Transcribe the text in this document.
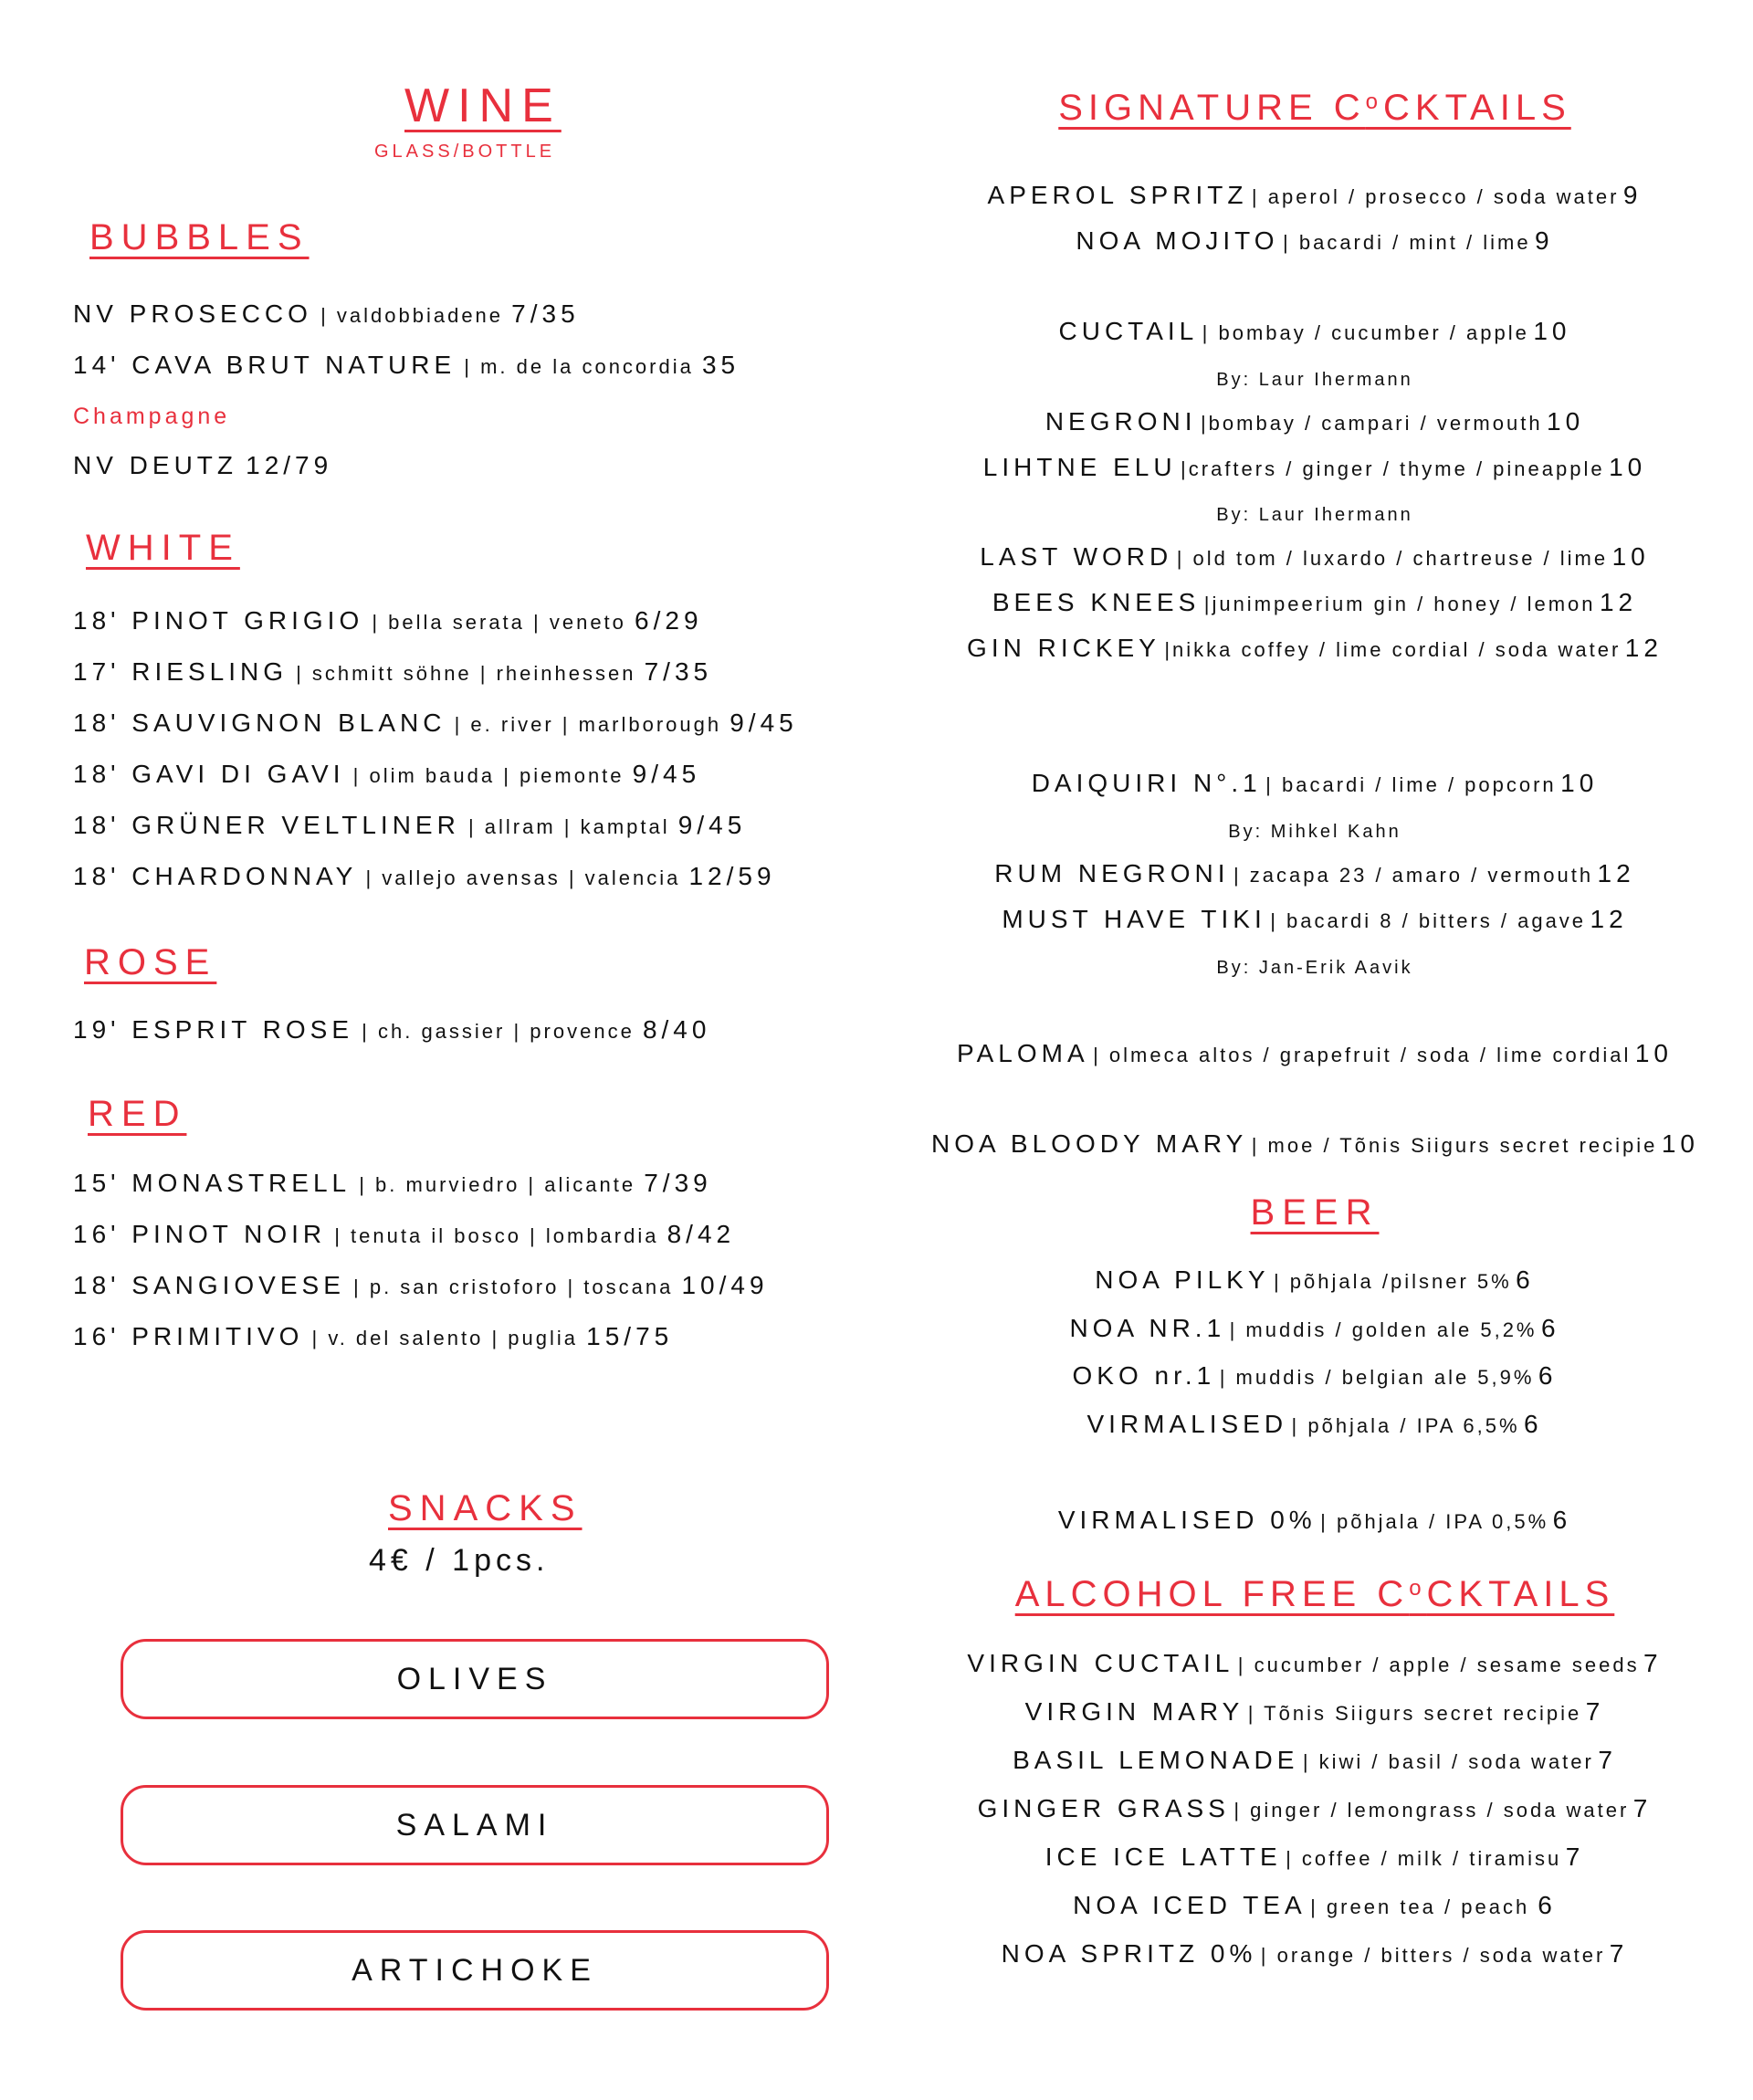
WINE
GLASS/BOTTLE
BUBBLES
NV PROSECCO | valdobbiadene 7/35
14' CAVA BRUT NATURE | m. de la concordia 35
Champagne
NV DEUTZ 12/79
WHITE
18' PINOT GRIGIO | bella serata | veneto 6/29
17' RIESLING | schmitt söhne | rheinhessen 7/35
18' SAUVIGNON BLANC | e. river | marlborough 9/45
18' GAVI DI GAVI | olim bauda | piemonte 9/45
18' GRÜNER VELTLINER | allram | kamptal 9/45
18' CHARDONNAY | vallejo avensas | valencia 12/59
ROSE
19' ESPRIT ROSE | ch. gassier | provence 8/40
RED
15' MONASTRELL | b. murviedro | alicante 7/39
16' PINOT NOIR | tenuta il bosco | lombardia 8/42
18' SANGIOVESE | p. san cristoforo | toscana 10/49
16' PRIMITIVO | v. del salento | puglia 15/75
SNACKS
4€ / 1pcs.
OLIVES
SALAMI
ARTICHOKE
SIGNATURE $C^oCKTAILS$
APEROL SPRITZ | aperol / prosecco / soda water 9
NOA MOJITO | bacardi / mint / lime 9
CUCTAIL | bombay / cucumber / apple 10
By: Laur Ihermann
NEGRONI |bombay / campari / vermouth 10
LIHTNE ELU |crafters / ginger / thyme / pineapple 10
By: Laur Ihermann
LAST WORD | old tom / luxardo / chartreuse / lime 10
BEES KNEES |junimpeerium gin / honey / lemon 12
GIN RICKEY |nikka coffey / lime cordial / soda water 12
DAIQUIRI N°.1 | bacardi / lime / popcorn 10
By: Mihkel Kahn
RUM NEGRONI | zacapa 23 / amaro / vermouth 12
MUST HAVE TIKI | bacardi 8 / bitters / agave 12
By: Jan-Erik Aavik
PALOMA | olmeca altos / grapefruit / soda / lime cordial 10
NOA BLOODY MARY | moe / Tõnis Siigurs secret recipie 10
BEER
NOA PILKY | põhjala /pilsner 5% 6
NOA NR.1 | muddis / golden ale 5,2% 6
OKO nr.1 | muddis / belgian ale 5,9% 6
VIRMALISED | põhjala / IPA 6,5% 6
VIRMALISED 0% | põhjala / IPA 0,5% 6
ALCOHOL FREE $C^oCKTAILS$
VIRGIN CUCTAIL | cucumber / apple / sesame seeds 7
VIRGIN MARY | Tõnis Siigurs secret recipie 7
BASIL LEMONADE | kiwi / basil / soda water 7
GINGER GRASS | ginger / lemongrass / soda water 7
ICE ICE LATTE | coffee / milk / tiramisu 7
NOA ICED TEA | green tea / peach 6
NOA SPRITZ 0% | orange / bitters / soda water 7
